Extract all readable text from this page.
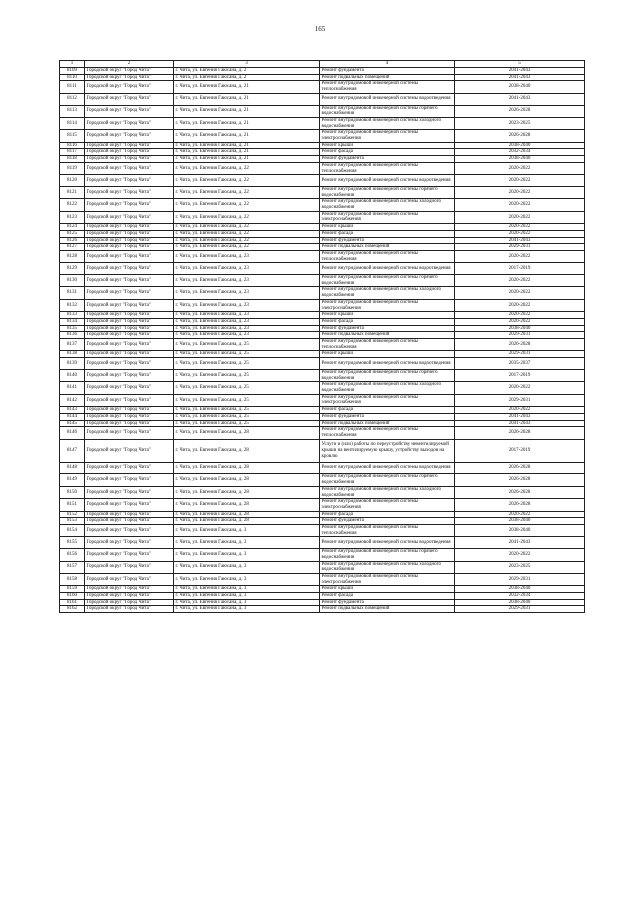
165
1	2	3	4	5
8109	Городской округ "Город Чита"	г. Чита, ул. Евгения Гаюсана, д. 2	Ремонт фундамента	2041-2043
8110	Городской округ "Город Чита"	г. Чита, ул. Евгения Гаюсана, д. 2	Ремонт подвальных помещений	2041-2043
8111	Городской округ "Город Чита"	г. Чита, ул. Евгения Гаюсана, д. 21	Ремонт внутридомовой инженерной системы теплоснабжения	2038-2040
8112	Городской округ "Город Чита"	г. Чита, ул. Евгения Гаюсана, д. 21	Ремонт внутридомовой инженерной системы водоотведения	2041-2043
8113	Городской округ "Город Чита"	г. Чита, ул. Евгения Гаюсана, д. 21	Ремонт внутридомовой инженерной системы горячего водоснабжения	2026-2028
8114	Городской округ "Город Чита"	г. Чита, ул. Евгения Гаюсана, д. 21	Ремонт внутридомовой инженерной системы холодного водоснабжения	2023-2025
8115	Городской округ "Город Чита"	г. Чита, ул. Евгения Гаюсана, д. 21	Ремонт внутридомовой инженерной системы электроснабжения	2026-2028
8116	Городской округ "Город Чита"	г. Чита, ул. Евгения Гаюсана, д. 21	Ремонт крыши	2038-2040
8117	Городской округ "Город Чита"	г. Чита, ул. Евгения Гаюсана, д. 21	Ремонт фасада	2032-2034
8118	Городской округ "Город Чита"	г. Чита, ул. Евгения Гаюсана, д. 21	Ремонт фундамента	2038-2040
8119	Городской округ "Город Чита"	г. Чита, ул. Евгения Гаюсана, д. 22	Ремонт внутридомовой инженерной системы теплоснабжения	2020-2022
8120	Городской округ "Город Чита"	г. Чита, ул. Евгения Гаюсана, д. 22	Ремонт внутридомовой инженерной системы водоотведения	2020-2022
8121	Городской округ "Город Чита"	г. Чита, ул. Евгения Гаюсана, д. 22	Ремонт внутридомовой инженерной системы горячего водоснабжения	2020-2022
8122	Городской округ "Город Чита"	г. Чита, ул. Евгения Гаюсана, д. 22	Ремонт внутридомовой инженерной системы холодного водоснабжения	2020-2022
8123	Городской округ "Город Чита"	г. Чита, ул. Евгения Гаюсана, д. 22	Ремонт внутридомовой инженерной системы электроснабжения	2020-2022
8124	Городской округ "Город Чита"	г. Чита, ул. Евгения Гаюсана, д. 22	Ремонт крыши	2020-2022
8125	Городской округ "Город Чита"	г. Чита, ул. Евгения Гаюсана, д. 22	Ремонт фасада	2020-2022
8126	Городской округ "Город Чита"	г. Чита, ул. Евгения Гаюсана, д. 22	Ремонт фундамента	2041-2043
8127	Городской округ "Город Чита"	г. Чита, ул. Евгения Гаюсана, д. 22	Ремонт подвальных помещений	2029-2031
8128	Городской округ "Город Чита"	г. Чита, ул. Евгения Гаюсана, д. 23	Ремонт внутридомовой инженерной системы теплоснабжения	2020-2022
8129	Городской округ "Город Чита"	г. Чита, ул. Евгения Гаюсана, д. 23	Ремонт внутридомовой инженерной системы водоотведения	2017-2019
8130	Городской округ "Город Чита"	г. Чита, ул. Евгения Гаюсана, д. 23	Ремонт внутридомовой инженерной системы горячего водоснабжения	2020-2022
8131	Городской округ "Город Чита"	г. Чита, ул. Евгения Гаюсана, д. 23	Ремонт внутридомовой инженерной системы холодного водоснабжения	2020-2022
8132	Городской округ "Город Чита"	г. Чита, ул. Евгения Гаюсана, д. 23	Ремонт внутридомовой инженерной системы электроснабжения	2020-2022
8133	Городской округ "Город Чита"	г. Чита, ул. Евгения Гаюсана, д. 23	Ремонт крыши	2020-2022
8134	Городской округ "Город Чита"	г. Чита, ул. Евгения Гаюсана, д. 23	Ремонт фасада	2020-2022
8135	Городской округ "Город Чита"	г. Чита, ул. Евгения Гаюсана, д. 23	Ремонт фундамента	2038-2040
8136	Городской округ "Город Чита"	г. Чита, ул. Евгения Гаюсана, д. 23	Ремонт подвальных помещений	2029-2031
8137	Городской округ "Город Чита"	г. Чита, ул. Евгения Гаюсана, д. 25	Ремонт внутридомовой инженерной системы теплоснабжения	2026-2028
8138	Городской округ "Город Чита"	г. Чита, ул. Евгения Гаюсана, д. 25	Ремонт крыши	2029-2031
8139	Городской округ "Город Чита"	г. Чита, ул. Евгения Гаюсана, д. 25	Ремонт внутридомовой инженерной системы водоотведения	2035-2037
8140	Городской округ "Город Чита"	г. Чита, ул. Евгения Гаюсана, д. 25	Ремонт внутридомовой инженерной системы горячего водоснабжения	2017-2019
8141	Городской округ "Город Чита"	г. Чита, ул. Евгения Гаюсана, д. 25	Ремонт внутридомовой инженерной системы холодного водоснабжения	2020-2022
8142	Городской округ "Город Чита"	г. Чита, ул. Евгения Гаюсана, д. 25	Ремонт внутридомовой инженерной системы электроснабжения	2029-2031
8143	Городской округ "Город Чита"	г. Чита, ул. Евгения Гаюсана, д. 25	Ремонт фасада	2020-2022
8144	Городской округ "Город Чита"	г. Чита, ул. Евгения Гаюсана, д. 25	Ремонт фундамента	2041-2043
8145	Городской округ "Город Чита"	г. Чита, ул. Евгения Гаюсана, д. 25	Ремонт подвальных помещений	2041-2043
8146	Городской округ "Город Чита"	г. Чита, ул. Евгения Гаюсана, д. 28	Ремонт внутридомовой инженерной системы теплоснабжения	2026-2028
8147	Городской округ "Город Чита"	г. Чита, ул. Евгения Гаюсана, д. 28	Услуги и (или) работы по переустройству невентилируемой крыши на вентилируемую крышу, устройству выходов на кровлю	2017-2019
8148	Городской округ "Город Чита"	г. Чита, ул. Евгения Гаюсана, д. 28	Ремонт внутридомовой инженерной системы водоотведения	2026-2028
8149	Городской округ "Город Чита"	г. Чита, ул. Евгения Гаюсана, д. 28	Ремонт внутридомовой инженерной системы горячего водоснабжения	2026-2028
8150	Городской округ "Город Чита"	г. Чита, ул. Евгения Гаюсана, д. 28	Ремонт внутридомовой инженерной системы холодного водоснабжения	2026-2028
8151	Городской округ "Город Чита"	г. Чита, ул. Евгения Гаюсана, д. 28	Ремонт внутридомовой инженерной системы электроснабжения	2026-2028
8152	Городской округ "Город Чита"	г. Чита, ул. Евгения Гаюсана, д. 28	Ремонт фасада	2020-2022
8153	Городской округ "Город Чита"	г. Чита, ул. Евгения Гаюсана, д. 28	Ремонт фундамента	2038-2040
8154	Городской округ "Город Чита"	г. Чита, ул. Евгения Гаюсана, д. 3	Ремонт внутридомовой инженерной системы теплоснабжения	2038-2040
8155	Городской округ "Город Чита"	г. Чита, ул. Евгения Гаюсана, д. 3	Ремонт внутридомовой инженерной системы водоотведения	2041-2043
8156	Городской округ "Город Чита"	г. Чита, ул. Евгения Гаюсана, д. 3	Ремонт внутридомовой инженерной системы горячего водоснабжения	2020-2022
8157	Городской округ "Город Чита"	г. Чита, ул. Евгения Гаюсана, д. 3	Ремонт внутридомовой инженерной системы холодного водоснабжения	2023-2025
8158	Городской округ "Город Чита"	г. Чита, ул. Евгения Гаюсана, д. 3	Ремонт внутридомовой инженерной системы электроснабжения	2029-2031
8159	Городской округ "Город Чита"	г. Чита, ул. Евгения Гаюсана, д. 3	Ремонт крыши	2038-2040
8160	Городской округ "Город Чита"	г. Чита, ул. Евгения Гаюсана, д. 3	Ремонт фасада	2032-2034
8161	Городской округ "Город Чита"	г. Чита, ул. Евгения Гаюсана, д. 3	Ремонт фундамента	2038-2040
8162	Городской округ "Город Чита"	г. Чита, ул. Евгения Гаюсана, д. 3	Ремонт подвальных помещений	2029-2031
